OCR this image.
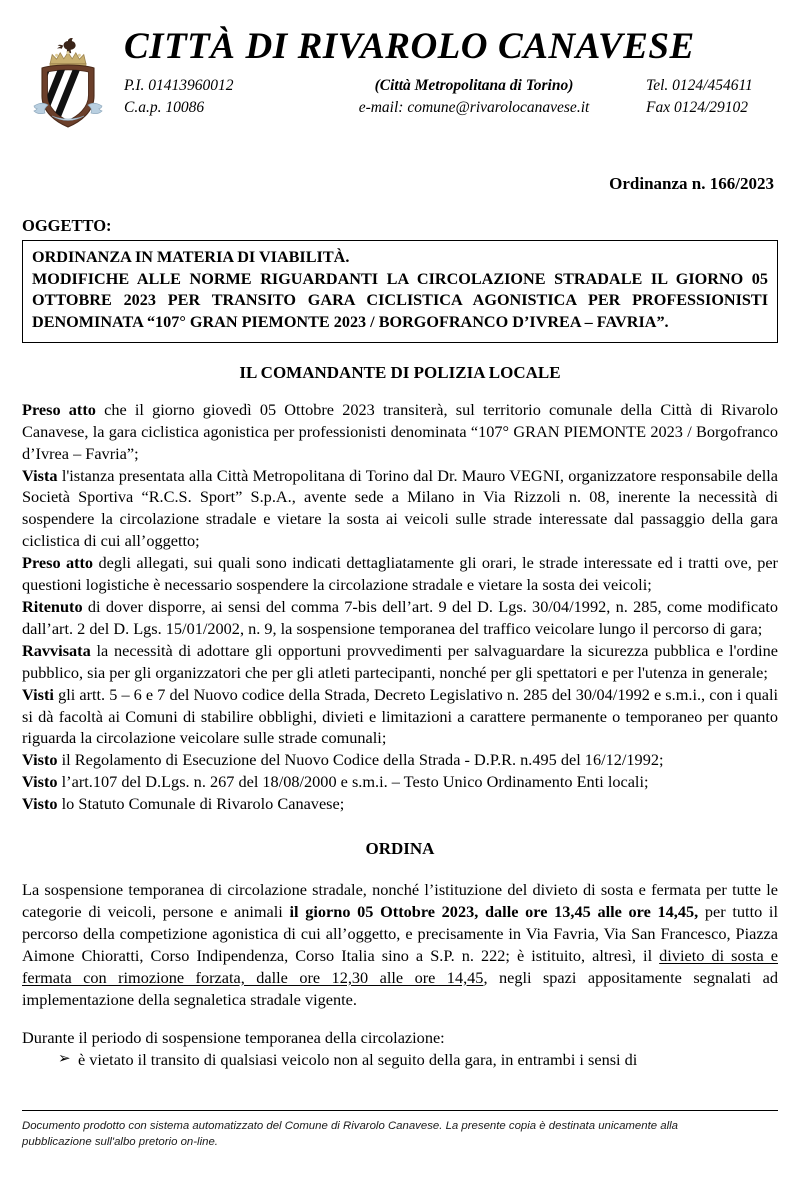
CITTÀ DI RIVAROLO CANAVESE
P.I. 01413960012	(Città Metropolitana di Torino)	Tel. 0124/454611
C.a.p. 10086	e-mail: comune@rivarolocanavese.it	Fax 0124/29102
Ordinanza n. 166/2023
OGGETTO:

ORDINANZA IN MATERIA DI VIABILITÀ.

MODIFICHE ALLE NORME RIGUARDANTI LA CIRCOLAZIONE STRADALE IL GIORNO 05 OTTOBRE 2023 PER TRANSITO GARA CICLISTICA AGONISTICA PER PROFESSIONISTI DENOMINATA “107° GRAN PIEMONTE 2023 / BORGOFRANCO D’IVREA – FAVRIA”.

IL COMANDANTE DI POLIZIA LOCALE

Preso atto che il giorno giovedì 05 Ottobre 2023 transiterà, sul territorio comunale della Città di Rivarolo Canavese, la gara ciclistica agonistica per professionisti denominata “107° GRAN PIEMONTE 2023 / Borgofranco d’Ivrea – Favria”;

Vista l'istanza presentata alla Città Metropolitana di Torino dal Dr. Mauro VEGNI, organizzatore responsabile della Società Sportiva “R.C.S. Sport” S.p.A., avente sede a Milano in Via Rizzoli n. 08, inerente la necessità di sospendere la circolazione stradale e vietare la sosta ai veicoli sulle strade interessate dal passaggio della gara ciclistica di cui all’oggetto;

Preso atto degli allegati, sui quali sono indicati dettagliatamente gli orari, le strade interessate ed i tratti ove, per questioni logistiche è necessario sospendere la circolazione stradale e vietare la sosta dei veicoli;

Ritenuto di dover disporre, ai sensi del comma 7-bis dell’art. 9 del D. Lgs. 30/04/1992, n. 285, come modificato dall’art. 2 del D. Lgs. 15/01/2002, n. 9, la sospensione temporanea del traffico veicolare lungo il percorso di gara;

Ravvisata la necessità di adottare gli opportuni provvedimenti per salvaguardare la sicurezza pubblica e l'ordine pubblico, sia per gli organizzatori che per gli atleti partecipanti, nonché per gli spettatori e per l'utenza in generale;

Visti gli artt. 5 – 6 e 7 del Nuovo codice della Strada, Decreto Legislativo n. 285 del 30/04/1992 e s.m.i., con i quali si dà facoltà ai Comuni di stabilire obblighi, divieti e limitazioni a carattere permanente o temporaneo per quanto riguarda la circolazione veicolare sulle strade comunali;

Visto il Regolamento di Esecuzione del Nuovo Codice della Strada - D.P.R. n.495 del 16/12/1992;

Visto l’art.107 del D.Lgs. n. 267 del 18/08/2000 e s.m.i. – Testo Unico Ordinamento Enti locali;

Visto lo Statuto Comunale di Rivarolo Canavese;

ORDINA

La sospensione temporanea di circolazione stradale, nonché l’istituzione del divieto di sosta e fermata per tutte le categorie di veicoli, persone e animali il giorno 05 Ottobre 2023, dalle ore 13,45 alle ore 14,45, per tutto il percorso della competizione agonistica di cui all’oggetto, e precisamente in Via Favria, Via San Francesco, Piazza Aimone Chioratti, Corso Indipendenza, Corso Italia sino a S.P. n. 222; è istituito, altresì, il divieto di sosta e fermata con rimozione forzata, dalle ore 12,30 alle ore 14,45, negli spazi appositamente segnalati ad implementazione della segnaletica stradale vigente.

Durante il periodo di sospensione temporanea della circolazione:

➢ è vietato il transito di qualsiasi veicolo non al seguito della gara, in entrambi i sensi di
Documento prodotto con sistema automatizzato del Comune di Rivarolo Canavese. La presente copia è destinata unicamente alla
pubblicazione sull'albo pretorio on-line.
